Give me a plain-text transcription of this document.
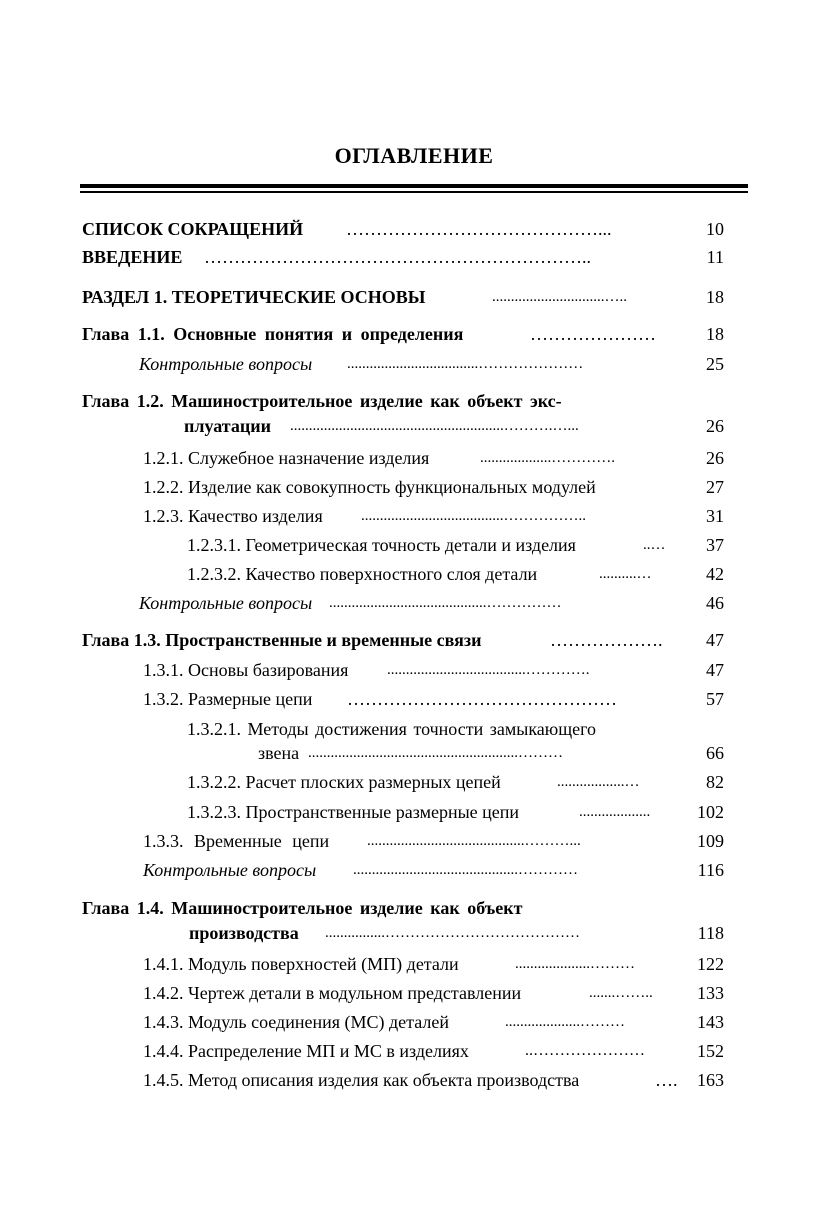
ОГЛАВЛЕНИЕ
СПИСОК СОКРАЩЕНИЙ ……………………………………...	10
ВВЕДЕНИЕ ………………………………………………………..	11
РАЗДЕЛ 1. ТЕОРЕТИЧЕСКИЕ ОСНОВЫ	..............................…..	18
Глава 1.1. Основные понятия и определения	…………………	18
Контрольные вопросы ...................................…………………	25
Глава 1.2. Машиностроительное изделие как объект экс-
плуатации .........................................................……….…...	26
1.2.1. Служебное назначение изделия	...................………….	26
1.2.2. Изделие как совокупность функциональных модулей	27
1.2.3. Качество изделия	......................................……………..	31
1.2.3.1. Геометрическая точность детали и изделия	..…	37
1.2.3.2. Качество поверхностного слоя детали	..........…	42
Контрольные вопросы ..........................................……………	46
Глава 1.3. Пространственные и временные связи	……………….	47
1.3.1. Основы базирования	.....................................………….	47
1.3.2. Размерные цепи ………………………………………	57
1.3.2.1. Методы достижения точности замыкающего
звена ........................................................………	66
1.3.2.2. Расчет плоских размерных цепей	..................…	82
1.3.2.3. Пространственные размерные цепи	...................	102
1.3.3. Временные цепи	..........................................………...	109
Контрольные вопросы ............................................…………	116
Глава 1.4. Машиностроительное изделие как объект
производства ................…………………………………	118
1.4.1. Модуль поверхностей (МП) детали	....................………	122
1.4.2. Чертеж детали в модульном представлении	.......……..	133
1.4.3. Модуль соединения (МС) деталей	....................………	143
1.4.4. Распределение МП и МС в изделиях	..…………………	152
1.4.5. Метод описания изделия как объекта производства	….	163
